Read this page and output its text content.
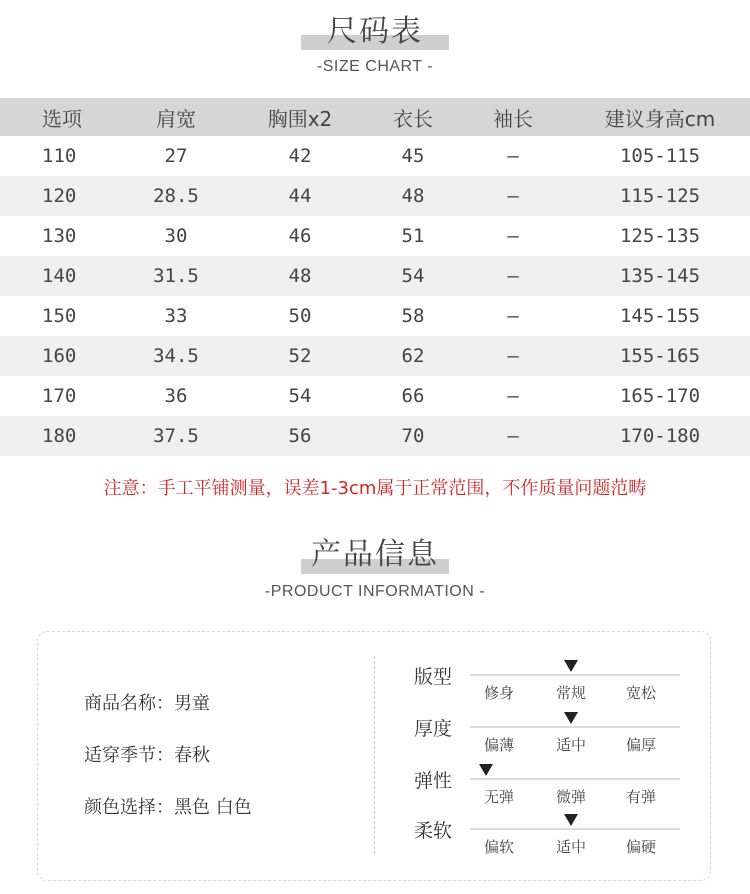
尺码表
-SIZE CHART -
选项	肩宽	胸围x2	衣长	袖长	建议身高cm
110	27	42	45	–	105-115
120	28.5	44	48	–	115-125
130	30	46	51	–	125-135
140	31.5	48	54	–	135-145
150	33	50	58	–	145-155
160	34.5	52	62	–	155-165
170	36	54	66	–	165-170
180	37.5	56	70	–	170-180
注意：手工平铺测量，误差1-3cm属于正常范围，不作质量问题范畴
产品信息
-PRODUCT INFORMATION -
商品名称：男童
适穿季节：春秋
颜色选择：黑色 白色
版型
修身	常规	宽松
厚度
偏薄	适中	偏厚
弹性
无弹	微弹	有弹
柔软
偏软	适中	偏硬
